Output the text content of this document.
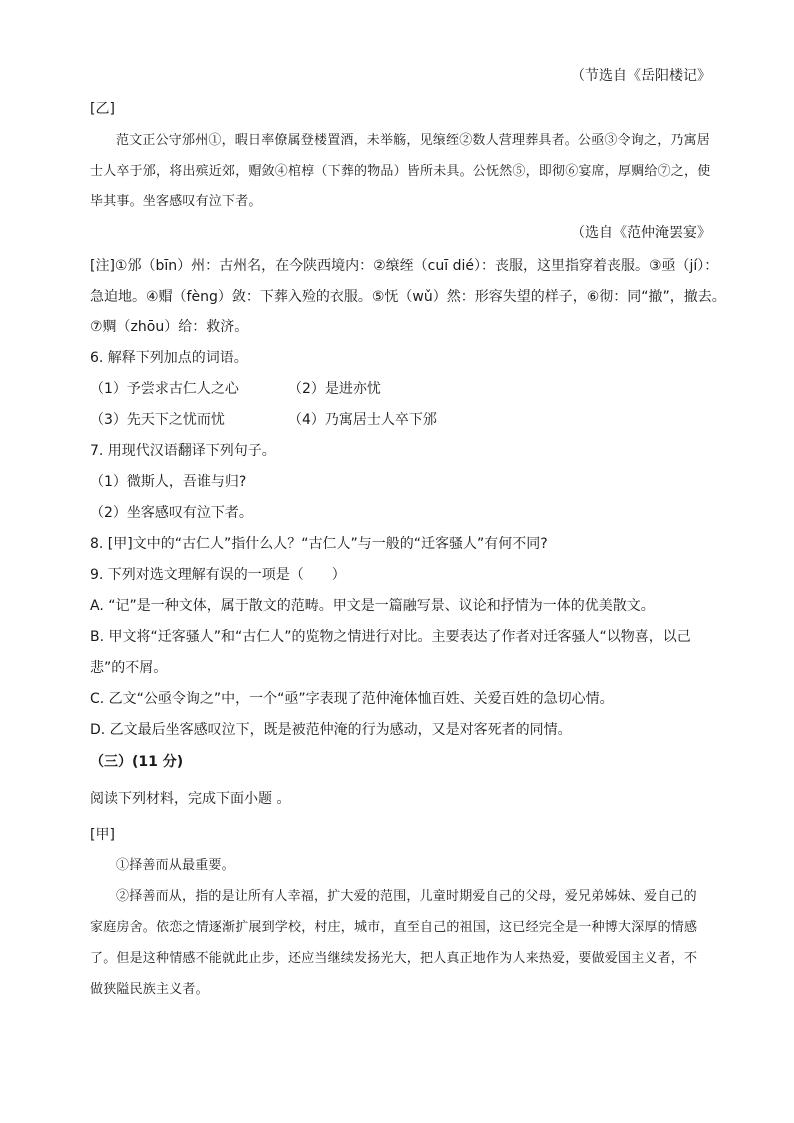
（节选自《岳阳楼记》
[乙]
范文正公守邠州①，暇日率僚属登楼置酒，未举觞，见缞绖②数人营理葬具者。公亟③令询之，乃寓居
士人卒于邠，将出殡近郊，赗敛④棺椁（下葬的物品）皆所未具。公怃然⑤，即彻⑥宴席，厚赒给⑦之，使
毕其事。坐客感叹有泣下者。
（选自《范仲淹罢宴》
[注]①邠（bīn）州：古州名，在今陕西境内：②缞绖（cuī dié）：丧服，这里指穿着丧服。③亟（jí）：
急迫地。④赗（fèng）敛：下葬入殓的衣服。⑤怃（wǔ）然：形容失望的样子，⑥彻：同“撤”，撤去。
⑦赒（zhōu）给：救济。
6. 解释下列加点的词语。
（1）予尝求古仁人之心	（2）是进亦忧
（3）先天下之忧而忧	（4）乃寓居士人卒下邠
7. 用现代汉语翻译下列句子。
（1）微斯人，吾谁与归?
（2）坐客感叹有泣下者。
8. [甲]文中的“古仁人”指什么人？“古仁人”与一般的“迁客骚人”有何不同?
9. 下列对选文理解有误的一项是（　　）
A. “记”是一种文体，属于散文的范畴。甲文是一篇融写景、议论和抒情为一体的优美散文。
B. 甲文将“迁客骚人”和“古仁人”的览物之情进行对比。主要表达了作者对迁客骚人“以物喜，以己
悲”的不屑。
C. 乙文“公亟令询之”中，一个“亟”字表现了范仲淹体恤百姓、关爱百姓的急切心情。
D. 乙文最后坐客感叹泣下，既是被范仲淹的行为感动，又是对客死者的同情。
（三）(11 分)
阅读下列材料，完成下面小题 。
[甲]
①择善而从最重要。
②择善而从，指的是让所有人幸福，扩大爱的范围，儿童时期爱自己的父母，爱兄弟姊妹、爱自己的
家庭房舍。依恋之情逐渐扩展到学校，村庄，城市，直至自己的祖国，这已经完全是一种博大深厚的情感
了。但是这种情感不能就此止步，还应当继续发扬光大，把人真正地作为人来热爱，要做爱国主义者，不
做狭隘民族主义者。
